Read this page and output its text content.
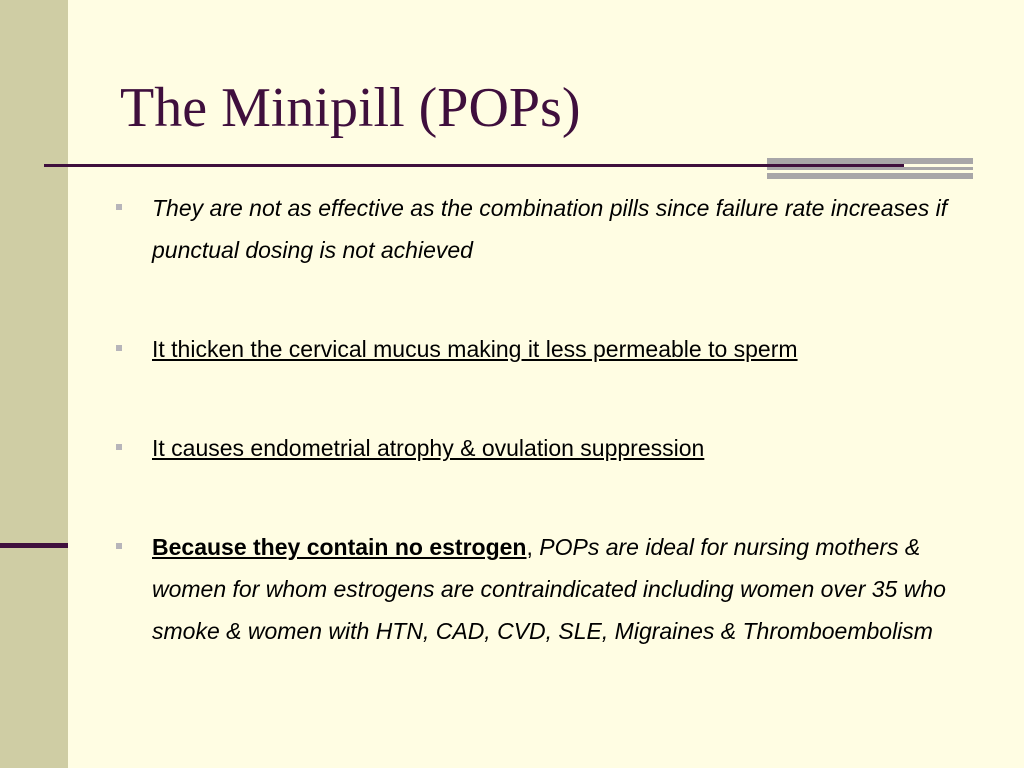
The Minipill (POPs)
They are not as effective as the combination pills since failure rate increases if punctual dosing is not achieved
It thicken the cervical mucus making it less permeable to sperm
It causes endometrial atrophy & ovulation suppression
Because they contain no estrogen, POPs are ideal for nursing mothers & women for whom estrogens are contraindicated including women over 35 who smoke & women with HTN, CAD, CVD, SLE, Migraines & Thromboembolism
